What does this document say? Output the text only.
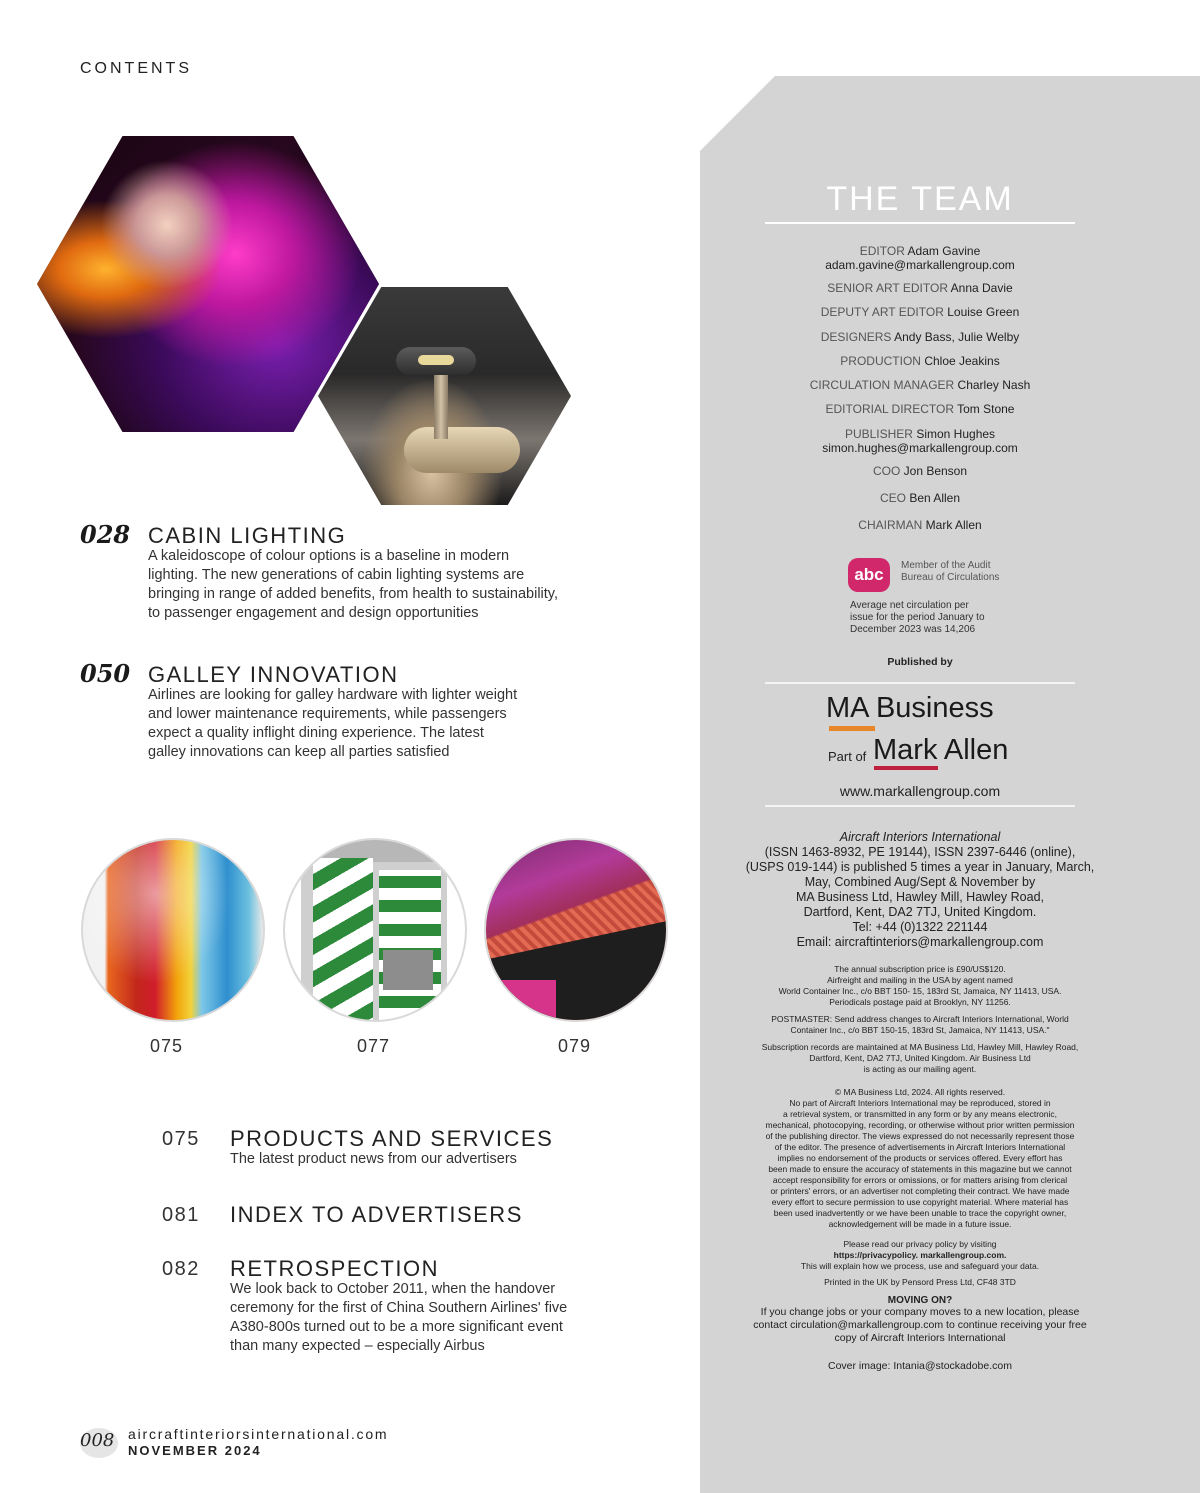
CONTENTS
028 CABIN LIGHTING
A kaleidoscope of colour options is a baseline in modern lighting. The new generations of cabin lighting systems are bringing in range of added benefits, from health to sustainability, to passenger engagement and design opportunities
050 GALLEY INNOVATION
Airlines are looking for galley hardware with lighter weight and lower maintenance requirements, while passengers expect a quality inflight dining experience. The latest galley innovations can keep all parties satisfied
075	077	079
075 PRODUCTS AND SERVICES
The latest product news from our advertisers
081 INDEX TO ADVERTISERS
082 RETROSPECTION
We look back to October 2011, when the handover ceremony for the first of China Southern Airlines' five A380-800s turned out to be a more significant event than many expected – especially Airbus
008 aircraftinteriorsinternational.com
NOVEMBER 2024
THE TEAM
EDITOR Adam Gavine
adam.gavine@markallengroup.com
SENIOR ART EDITOR Anna Davie
DEPUTY ART EDITOR Louise Green
DESIGNERS Andy Bass, Julie Welby
PRODUCTION Chloe Jeakins
CIRCULATION MANAGER Charley Nash
EDITORIAL DIRECTOR Tom Stone
PUBLISHER Simon Hughes
simon.hughes@markallengroup.com
COO Jon Benson
CEO Ben Allen
CHAIRMAN Mark Allen
abc	Member of the Audit
Bureau of Circulations
Average net circulation per
issue for the period January to
December 2023 was 14,206
Published by
MA Business
Part of Mark Allen
www.markallengroup.com
Aircraft Interiors International
(ISSN 1463-8932, PE 19144), ISSN 2397-6446 (online),
(USPS 019-144) is published 5 times a year in January, March,
May, Combined Aug/Sept & November by
MA Business Ltd, Hawley Mill, Hawley Road,
Dartford, Kent, DA2 7TJ, United Kingdom.
Tel: +44 (0)1322 221144
Email: aircraftinteriors@markallengroup.com
The annual subscription price is £90/US$120.
Airfreight and mailing in the USA by agent named
World Container Inc., c/o BBT 150- 15, 183rd St, Jamaica, NY 11413, USA.
Periodicals postage paid at Brooklyn, NY 11256.
POSTMASTER: Send address changes to Aircraft Interiors International, World
Container Inc., c/o BBT 150-15, 183rd St, Jamaica, NY 11413, USA."
Subscription records are maintained at MA Business Ltd, Hawley Mill, Hawley Road,
Dartford, Kent, DA2 7TJ, United Kingdom. Air Business Ltd
is acting as our mailing agent.
© MA Business Ltd, 2024. All rights reserved.
No part of Aircraft Interiors International may be reproduced, stored in
a retrieval system, or transmitted in any form or by any means electronic,
mechanical, photocopying, recording, or otherwise without prior written permission
of the publishing director. The views expressed do not necessarily represent those
of the editor. The presence of advertisements in Aircraft Interiors International
implies no endorsement of the products or services offered. Every effort has
been made to ensure the accuracy of statements in this magazine but we cannot
accept responsibility for errors or omissions, or for matters arising from clerical
or printers' errors, or an advertiser not completing their contract. We have made
every effort to secure permission to use copyright material. Where material has
been used inadvertently or we have been unable to trace the copyright owner,
acknowledgement will be made in a future issue.
Please read our privacy policy by visiting
https://privacypolicy. markallengroup.com.
This will explain how we process, use and safeguard your data.
Printed in the UK by Pensord Press Ltd, CF48 3TD
MOVING ON?
If you change jobs or your company moves to a new location, please
contact circulation@markallengroup.com to continue receiving your free
copy of Aircraft Interiors International
Cover image: Intania@stockadobe.com
